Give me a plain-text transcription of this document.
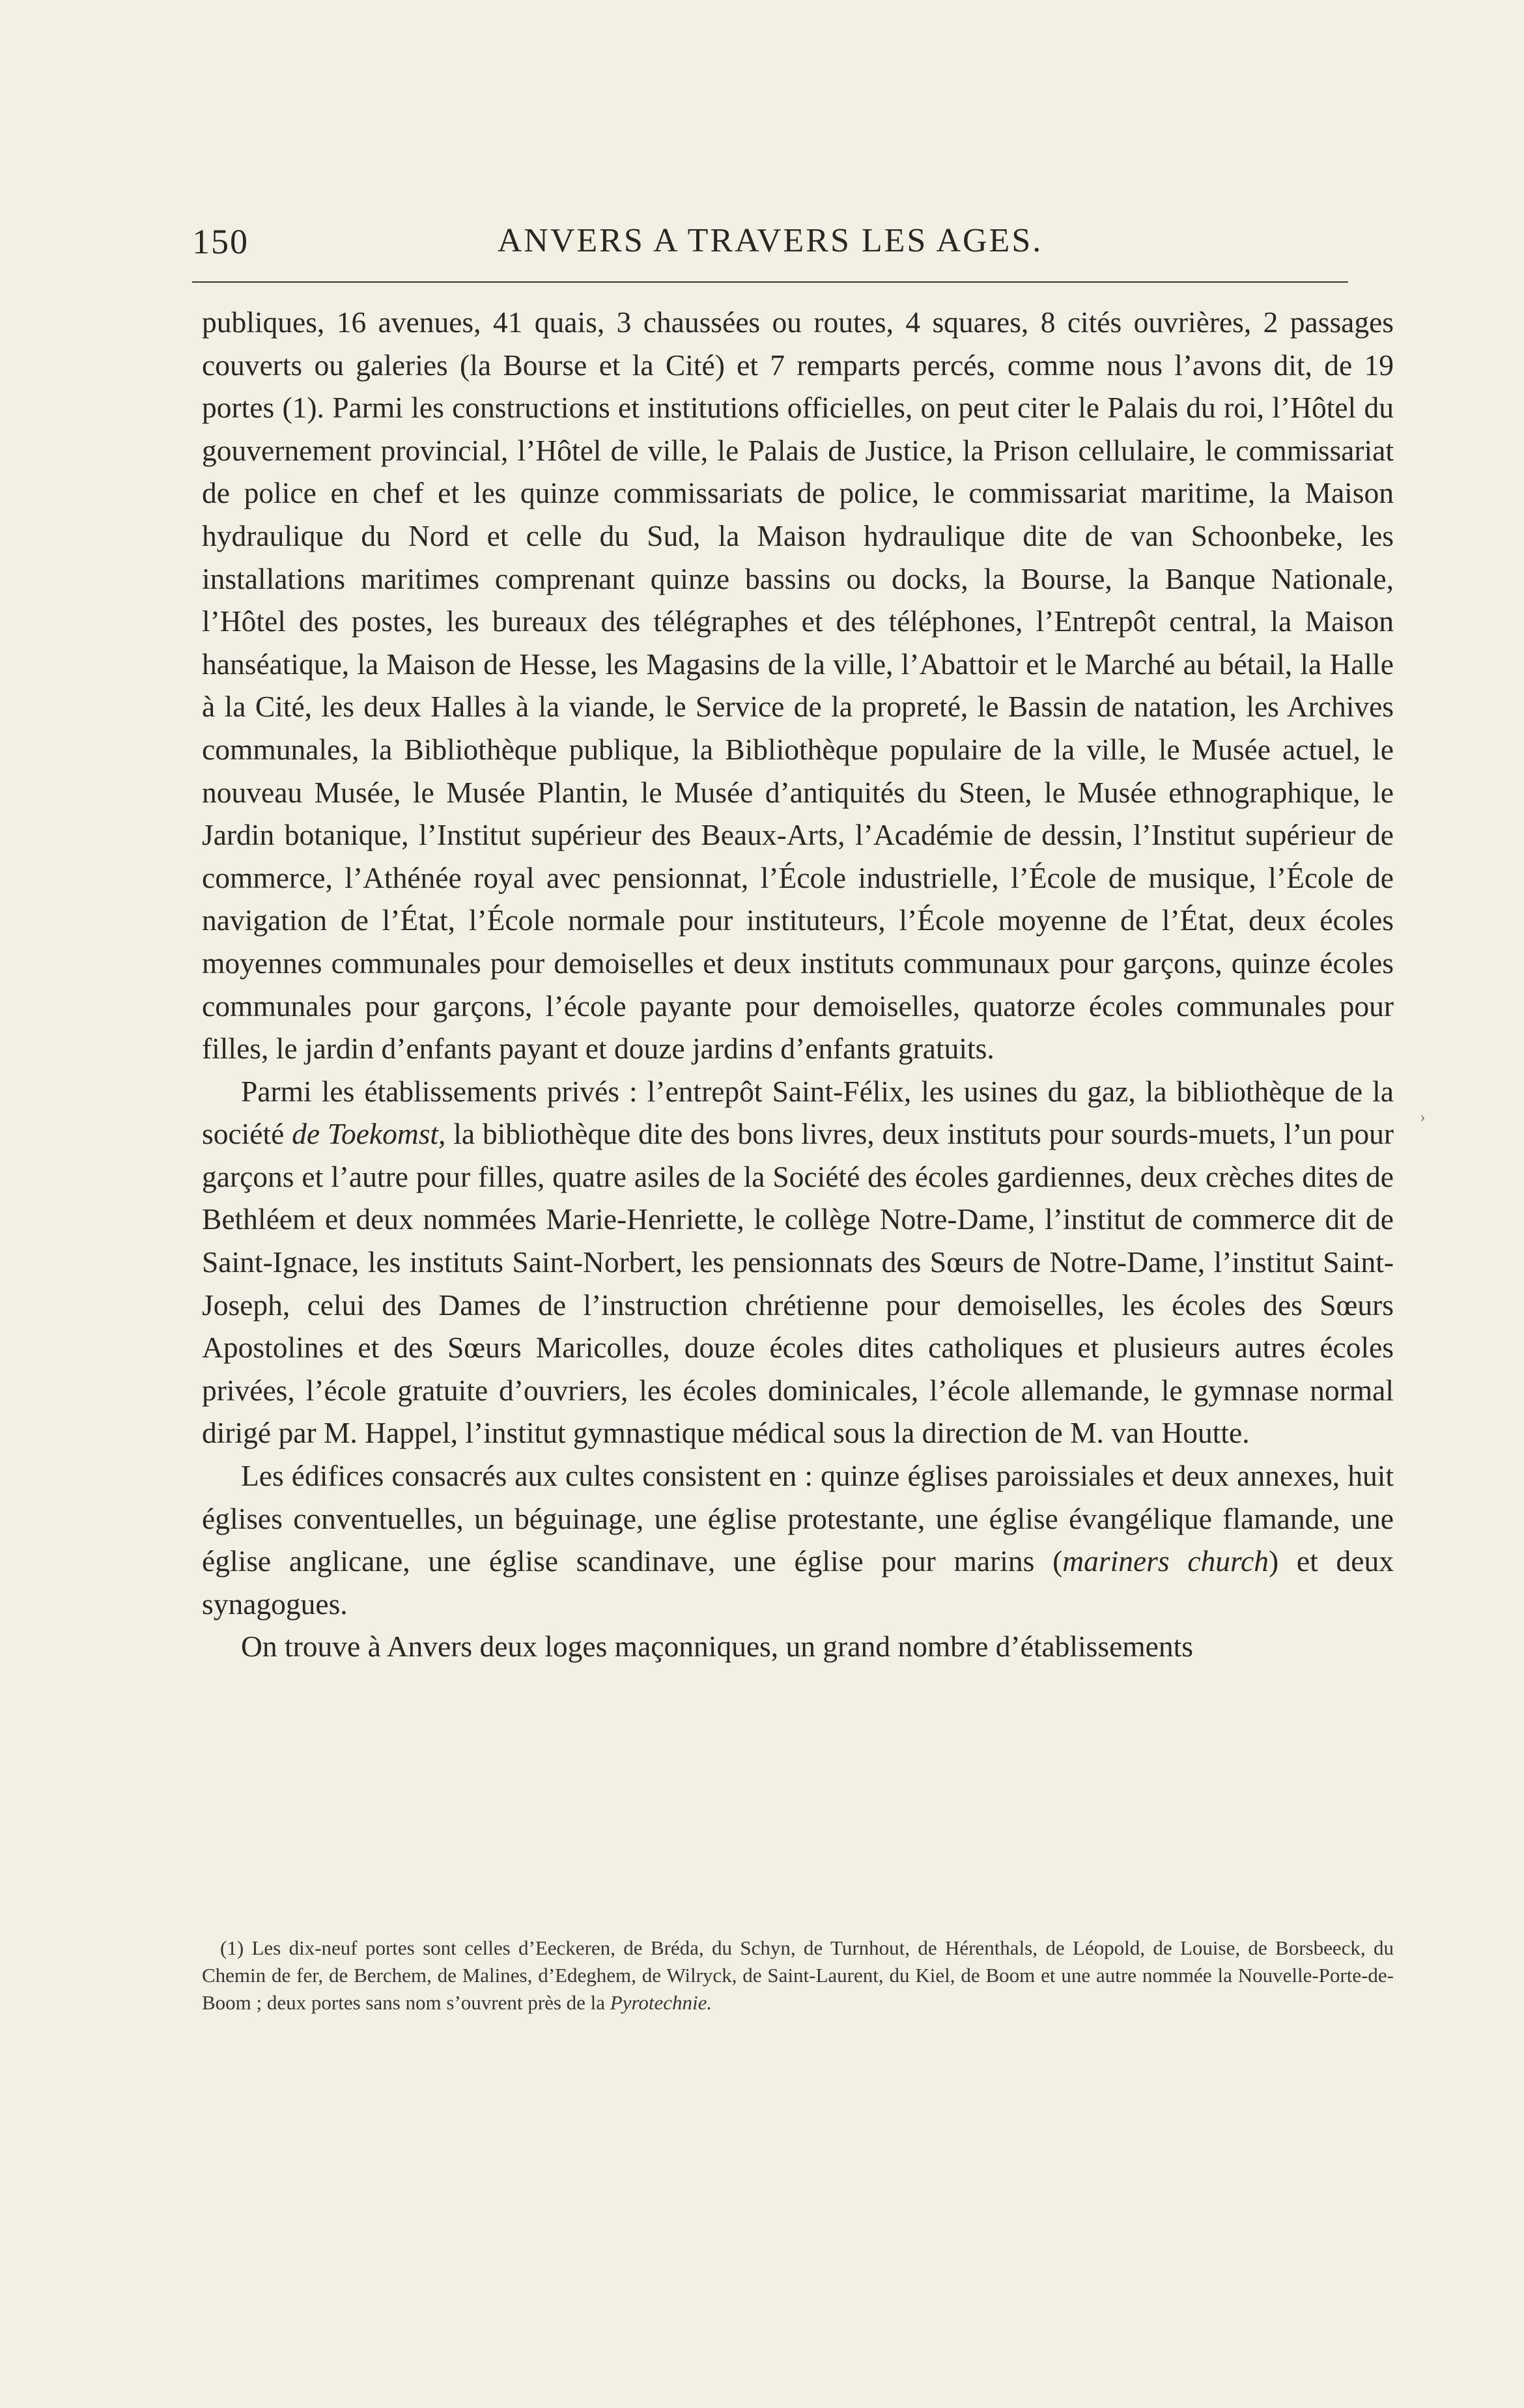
150	ANVERS A TRAVERS LES AGES.

publiques, 16 avenues, 41 quais, 3 chaussées ou routes, 4 squares, 8 cités ouvrières, 2 passages couverts ou galeries (la Bourse et la Cité) et 7 remparts percés, comme nous l’avons dit, de 19 portes (1). Parmi les constructions et institutions officielles, on peut citer le Palais du roi, l’Hôtel du gouvernement provincial, l’Hôtel de ville, le Palais de Justice, la Prison cellulaire, le commissariat de police en chef et les quinze commissariats de police, le commissariat maritime, la Maison hydraulique du Nord et celle du Sud, la Maison hydraulique dite de van Schoonbeke, les installations maritimes comprenant quinze bassins ou docks, la Bourse, la Banque Nationale, l’Hôtel des postes, les bureaux des télégraphes et des téléphones, l’Entrepôt central, la Maison hanséatique, la Maison de Hesse, les Magasins de la ville, l’Abattoir et le Marché au bétail, la Halle à la Cité, les deux Halles à la viande, le Service de la propreté, le Bassin de natation, les Archives communales, la Bibliothèque publique, la Bibliothèque populaire de la ville, le Musée actuel, le nouveau Musée, le Musée Plantin, le Musée d’antiquités du Steen, le Musée ethnographique, le Jardin botanique, l’Institut supérieur des Beaux-Arts, l’Académie de dessin, l’Institut supérieur de commerce, l’Athénée royal avec pensionnat, l’École industrielle, l’École de musique, l’École de navigation de l’État, l’École normale pour instituteurs, l’École moyenne de l’État, deux écoles moyennes communales pour demoiselles et deux instituts communaux pour garçons, quinze écoles communales pour garçons, l’école payante pour demoiselles, quatorze écoles communales pour filles, le jardin d’enfants payant et douze jardins d’enfants gratuits.

Parmi les établissements privés : l’entrepôt Saint-Félix, les usines du gaz, la bibliothèque de la société de Toekomst, la bibliothèque dite des bons livres, deux instituts pour sourds-muets, l’un pour garçons et l’autre pour filles, quatre asiles de la Société des écoles gardiennes, deux crèches dites de Bethléem et deux nommées Marie-Henriette, le collège Notre-Dame, l’institut de commerce dit de Saint-Ignace, les instituts Saint-Norbert, les pensionnats des Sœurs de Notre-Dame, l’institut Saint-Joseph, celui des Dames de l’instruction chrétienne pour demoiselles, les écoles des Sœurs Apostolines et des Sœurs Maricolles, douze écoles dites catholiques et plusieurs autres écoles privées, l’école gratuite d’ouvriers, les écoles dominicales, l’école allemande, le gymnase normal dirigé par M. Happel, l’institut gymnastique médical sous la direction de M. van Houtte.

Les édifices consacrés aux cultes consistent en : quinze églises paroissiales et deux annexes, huit églises conventuelles, un béguinage, une église protestante, une église évangélique flamande, une église anglicane, une église scandinave, une église pour marins (mariners church) et deux synagogues.

On trouve à Anvers deux loges maçonniques, un grand nombre d’établissements

(1) Les dix-neuf portes sont celles d’Eeckeren, de Bréda, du Schyn, de Turnhout, de Hérenthals, de Léopold, de Louise, de Borsbeeck, du Chemin de fer, de Berchem, de Malines, d’Edeghem, de Wilryck, de Saint-Laurent, du Kiel, de Boom et une autre nommée la Nouvelle-Porte-de-Boom ; deux portes sans nom s’ouvrent près de la Pyrotechnie.

›
